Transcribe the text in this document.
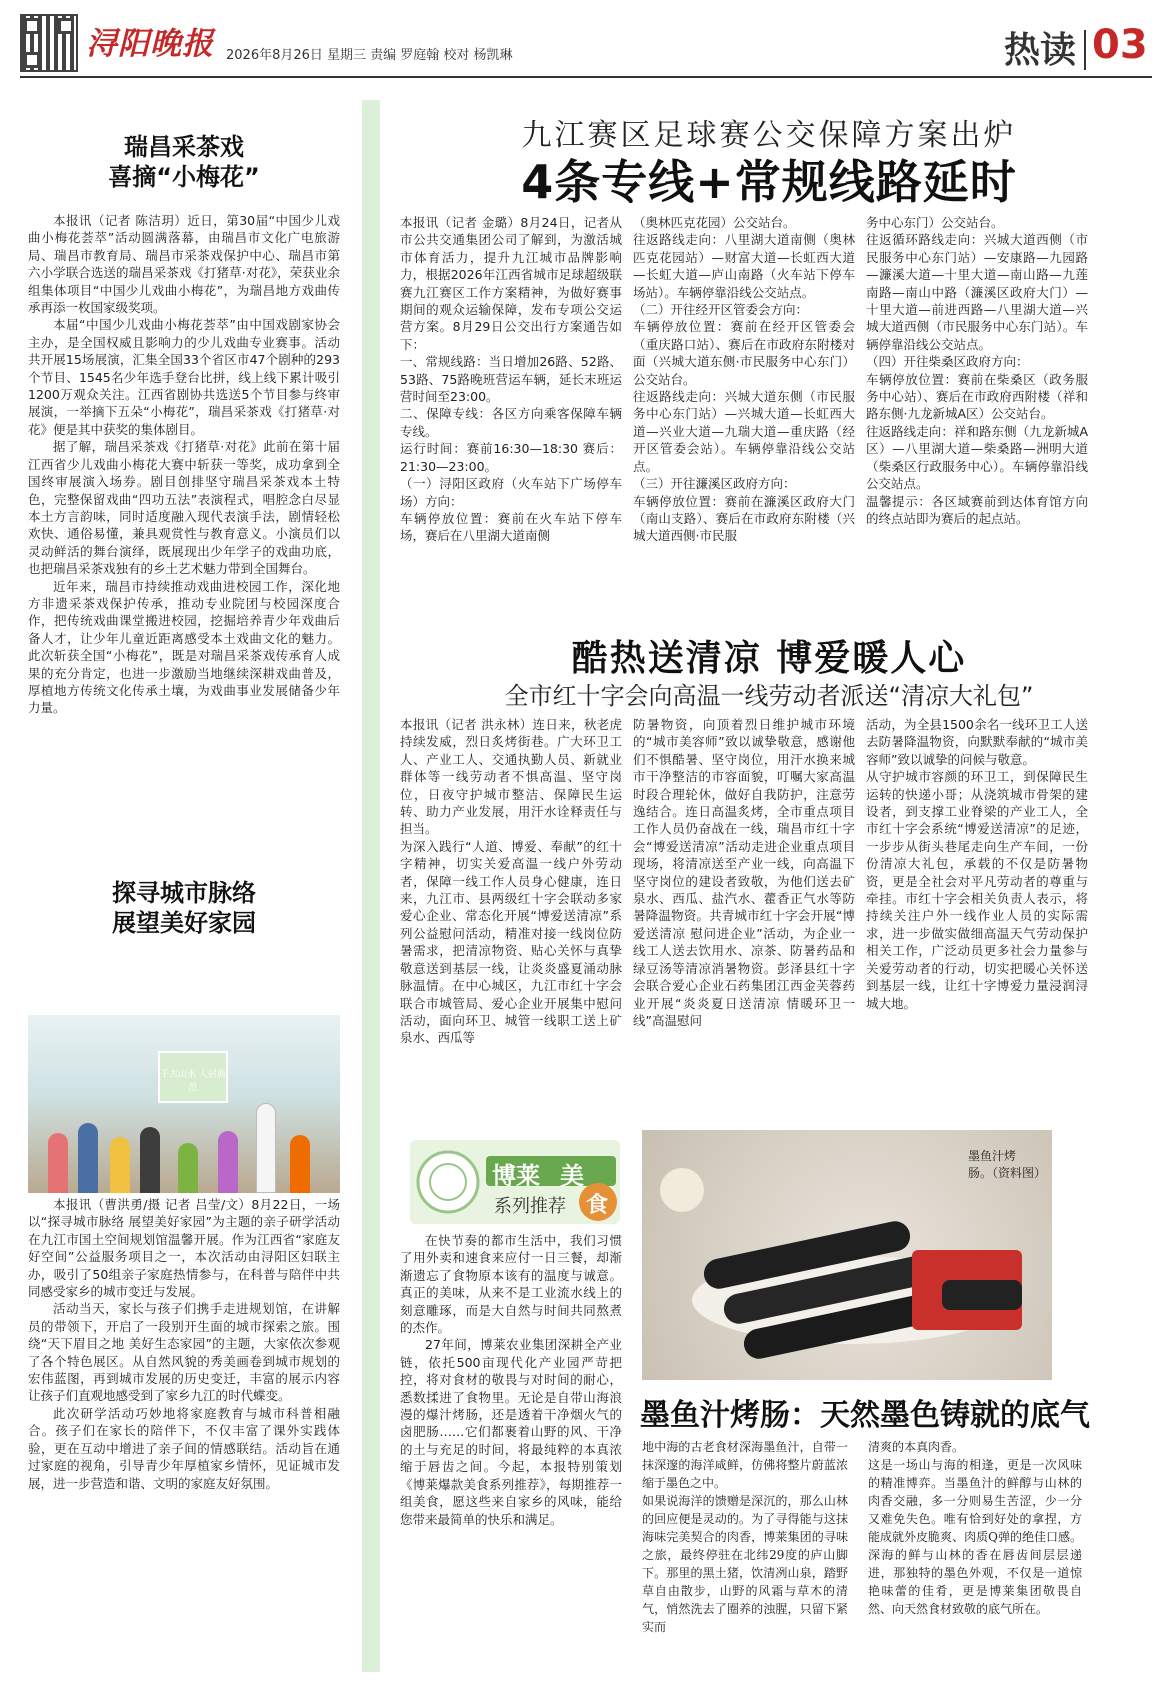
浔阳晚报 2026年8月26日 星期三 责编 罗庭翰 校对 杨凯琳	热读 03
瑞昌采茶戏
喜摘“小梅花”

本报讯（记者 陈洁玥）近日，第30届“中国少儿戏曲小梅花荟萃”活动圆满落幕，由瑞昌市文化广电旅游局、瑞昌市教育局、瑞昌市采茶戏保护中心、瑞昌市第六小学联合选送的瑞昌采茶戏《打猪草·对花》，荣获业余组集体项目“中国少儿戏曲小梅花”，为瑞昌地方戏曲传承再添一枚国家级奖项。

本届“中国少儿戏曲小梅花荟萃”由中国戏剧家协会主办，是全国权威且影响力的少儿戏曲专业赛事。活动共开展15场展演，汇集全国33个省区市47个剧种的293个节目、1545名少年选手登台比拼，线上线下累计吸引1200万观众关注。江西省剧协共选送5个节目参与终审展演，一举摘下五朵“小梅花”，瑞昌采茶戏《打猪草·对花》便是其中获奖的集体剧目。

据了解，瑞昌采茶戏《打猪草·对花》此前在第十届江西省少儿戏曲小梅花大赛中斩获一等奖，成功拿到全国终审展演入场券。剧目创排坚守瑞昌采茶戏本土特色，完整保留戏曲“四功五法”表演程式，唱腔念白尽显本土方言韵味，同时适度融入现代表演手法，剧情轻松欢快、通俗易懂，兼具观赏性与教育意义。小演员们以灵动鲜活的舞台演绎，既展现出少年学子的戏曲功底，也把瑞昌采茶戏独有的乡土艺术魅力带到全国舞台。

近年来，瑞昌市持续推动戏曲进校园工作，深化地方非遗采茶戏保护传承，推动专业院团与校园深度合作，把传统戏曲课堂搬进校园，挖掘培养青少年戏曲后备人才，让少年儿童近距离感受本土戏曲文化的魅力。此次斩获全国“小梅花”，既是对瑞昌采茶戏传承育人成果的充分肯定，也进一步激励当地继续深耕戏曲普及，厚植地方传统文化传承土壤，为戏曲事业发展储备少年力量。

探寻城市脉络
展望美好家园
千古山水 人居典范

本报讯（曹洪勇/摄 记者 吕莹/文）8月22日，一场以“探寻城市脉络 展望美好家园”为主题的亲子研学活动在九江市国土空间规划馆温馨开展。作为江西省“家庭友好空间”公益服务项目之一，本次活动由浔阳区妇联主办，吸引了50组亲子家庭热情参与，在科普与陪伴中共同感受家乡的城市变迁与发展。

活动当天，家长与孩子们携手走进规划馆，在讲解员的带领下，开启了一段别开生面的城市探索之旅。围绕“天下眉目之地 美好生态家园”的主题，大家依次参观了各个特色展区。从自然风貌的秀美画卷到城市规划的宏伟蓝图，再到城市发展的历史变迁，丰富的展示内容让孩子们直观地感受到了家乡九江的时代蝶变。

此次研学活动巧妙地将家庭教育与城市科普相融合。孩子们在家长的陪伴下，不仅丰富了课外实践体验，更在互动中增进了亲子间的情感联结。活动旨在通过家庭的视角，引导青少年厚植家乡情怀，见证城市发展，进一步营造和谐、文明的家庭友好氛围。

九江赛区足球赛公交保障方案出炉
4条专线+常规线路延时
本报讯（记者 金璐）8月24日，记者从市公共交通集团公司了解到，为激活城市体育活力，提升九江城市品牌影响力，根据2026年江西省城市足球超级联赛九江赛区工作方案精神，为做好赛事期间的观众运输保障，发布专项公交运营方案。8月29日公交出行方案通告如下：
一、常规线路：当日增加26路、52路、53路、75路晚班营运车辆，延长末班运营时间至23:00。
二、保障专线：各区方向乘客保障车辆专线。
运行时间：赛前16:30—18:30 赛后：21:30—23:00。
（一）浔阳区政府（火车站下广场停车场）方向：
车辆停放位置：赛前在火车站下停车场，赛后在八里湖大道南侧
（奥林匹克花园）公交站台。
往返路线走向：八里湖大道南侧（奥林匹克花园站）—财富大道—长虹西大道—长虹大道—庐山南路（火车站下停车场站）。车辆停靠沿线公交站点。
（二）开往经开区管委会方向：
车辆停放位置：赛前在经开区管委会（重庆路口站）、赛后在市政府东附楼对面（兴城大道东侧·市民服务中心东门）公交站台。
往返路线走向：兴城大道东侧（市民服务中心东门站）—兴城大道—长虹西大道—兴业大道—九瑞大道—重庆路（经开区管委会站）。车辆停靠沿线公交站点。
（三）开往濂溪区政府方向：
车辆停放位置：赛前在濂溪区政府大门（南山支路）、赛后在市政府东附楼（兴城大道西侧·市民服
务中心东门）公交站台。
往返循环路线走向：兴城大道西侧（市民服务中心东门站）—安康路—九园路—濂溪大道—十里大道—南山路—九莲南路—南山中路（濂溪区政府大门）—十里大道—前进西路—八里湖大道—兴城大道西侧（市民服务中心东门站）。车辆停靠沿线公交站点。
（四）开往柴桑区政府方向：
车辆停放位置：赛前在柴桑区（政务服务中心站）、赛后在市政府西附楼（祥和路东侧·九龙新城A区）公交站台。
往返路线走向：祥和路东侧（九龙新城A区）—八里湖大道—柴桑路—洲明大道（柴桑区行政服务中心）。车辆停靠沿线公交站点。
温馨提示：各区域赛前到达体育馆方向的终点站即为赛后的起点站。
酷热送清凉 博爱暖人心
全市红十字会向高温一线劳动者派送“清凉大礼包”
本报讯（记者 洪永林）连日来，秋老虎持续发威，烈日炙烤街巷。广大环卫工人、产业工人、交通执勤人员、新就业群体等一线劳动者不惧高温、坚守岗位，日夜守护城市整洁、保障民生运转、助力产业发展，用汗水诠释责任与担当。
为深入践行“人道、博爱、奉献”的红十字精神，切实关爱高温一线户外劳动者，保障一线工作人员身心健康，连日来，九江市、县两级红十字会联动多家爱心企业、常态化开展“博爱送清凉”系列公益慰问活动，精准对接一线岗位防暑需求，把清凉物资、贴心关怀与真挚敬意送到基层一线，让炎炎盛夏涌动脉脉温情。在中心城区，九江市红十字会联合市城管局、爱心企业开展集中慰问活动，面向环卫、城管一线职工送上矿泉水、西瓜等
防暑物资，向顶着烈日维护城市环境的“城市美容师”致以诚挚敬意，感谢他们不惧酷暑、坚守岗位，用汗水换来城市干净整洁的市容面貌，叮嘱大家高温时段合理轮休，做好自我防护，注意劳逸结合。连日高温炙烤，全市重点项目工作人员仍奋战在一线，瑞昌市红十字会“博爱送清凉”活动走进企业重点项目现场，将清凉送至产业一线，向高温下坚守岗位的建设者致敬，为他们送去矿泉水、西瓜、盐汽水、藿香正气水等防暑降温物资。共青城市红十字会开展“博爱送清凉 慰问进企业”活动，为企业一线工人送去饮用水、凉茶、防暑药品和绿豆汤等清凉消暑物资。彭泽县红十字会联合爱心企业石药集团江西金芙蓉药业开展“炎炎夏日送清凉 情暖环卫一线”高温慰问
活动，为全县1500余名一线环卫工人送去防暑降温物资，向默默奉献的“城市美容师”致以诚挚的问候与敬意。
从守护城市容颜的环卫工，到保障民生运转的快递小哥；从浇筑城市骨架的建设者，到支撑工业脊梁的产业工人，全市红十字会系统“博爱送清凉”的足迹，一步步从街头巷尾走向生产车间，一份份清凉大礼包，承载的不仅是防暑物资，更是全社会对平凡劳动者的尊重与牵挂。市红十字会相关负责人表示，将持续关注户外一线作业人员的实际需求，进一步做实做细高温天气劳动保护相关工作，广泛动员更多社会力量参与关爱劳动者的行动，切实把暖心关怀送到基层一线，让红十字博爱力量浸润浔城大地。
博莱 美
食
系列推荐
墨鱼汁烤
肠。（资料图）

在快节奏的都市生活中，我们习惯了用外卖和速食来应付一日三餐，却渐渐遗忘了食物原本该有的温度与诚意。真正的美味，从来不是工业流水线上的刻意雕琢，而是大自然与时间共同熬煮的杰作。

27年间，博莱农业集团深耕全产业链，依托500亩现代化产业园严苛把控，将对食材的敬畏与对时间的耐心，悉数揉进了食物里。无论是自带山海浪漫的爆汁烤肠，还是透着干净烟火气的卤肥肠……它们都裹着山野的风、干净的土与充足的时间，将最纯粹的本真浓缩于唇齿之间。今起，本报特别策划《博莱爆款美食系列推荐》，每期推荐一组美食，愿这些来自家乡的风味，能给您带来最简单的快乐和满足。

墨鱼汁烤肠：天然墨色铸就的底气
地中海的古老食材深海墨鱼汁，自带一抹深邃的海洋咸鲜，仿佛将整片蔚蓝浓缩于墨色之中。
如果说海洋的馈赠是深沉的，那么山林的回应便是灵动的。为了寻得能与这抹海味完美契合的肉香，博莱集团的寻味之旅，最终停驻在北纬29度的庐山脚下。那里的黑土猪，饮清冽山泉，踏野草自由散步，山野的风霜与草木的清气，悄然洗去了圈养的浊腥，只留下紧实而
清爽的本真肉香。
这是一场山与海的相逢，更是一次风味的精准博弈。当墨鱼汁的鲜醇与山林的肉香交融，多一分则易生苦涩，少一分又难免失色。唯有恰到好处的拿捏，方能成就外皮脆爽、肉质Q弹的绝佳口感。深海的鲜与山林的香在唇齿间层层递进，那独特的墨色外观，不仅是一道惊艳味蕾的佳肴，更是博莱集团敬畏自然、向天然食材致敬的底气所在。
